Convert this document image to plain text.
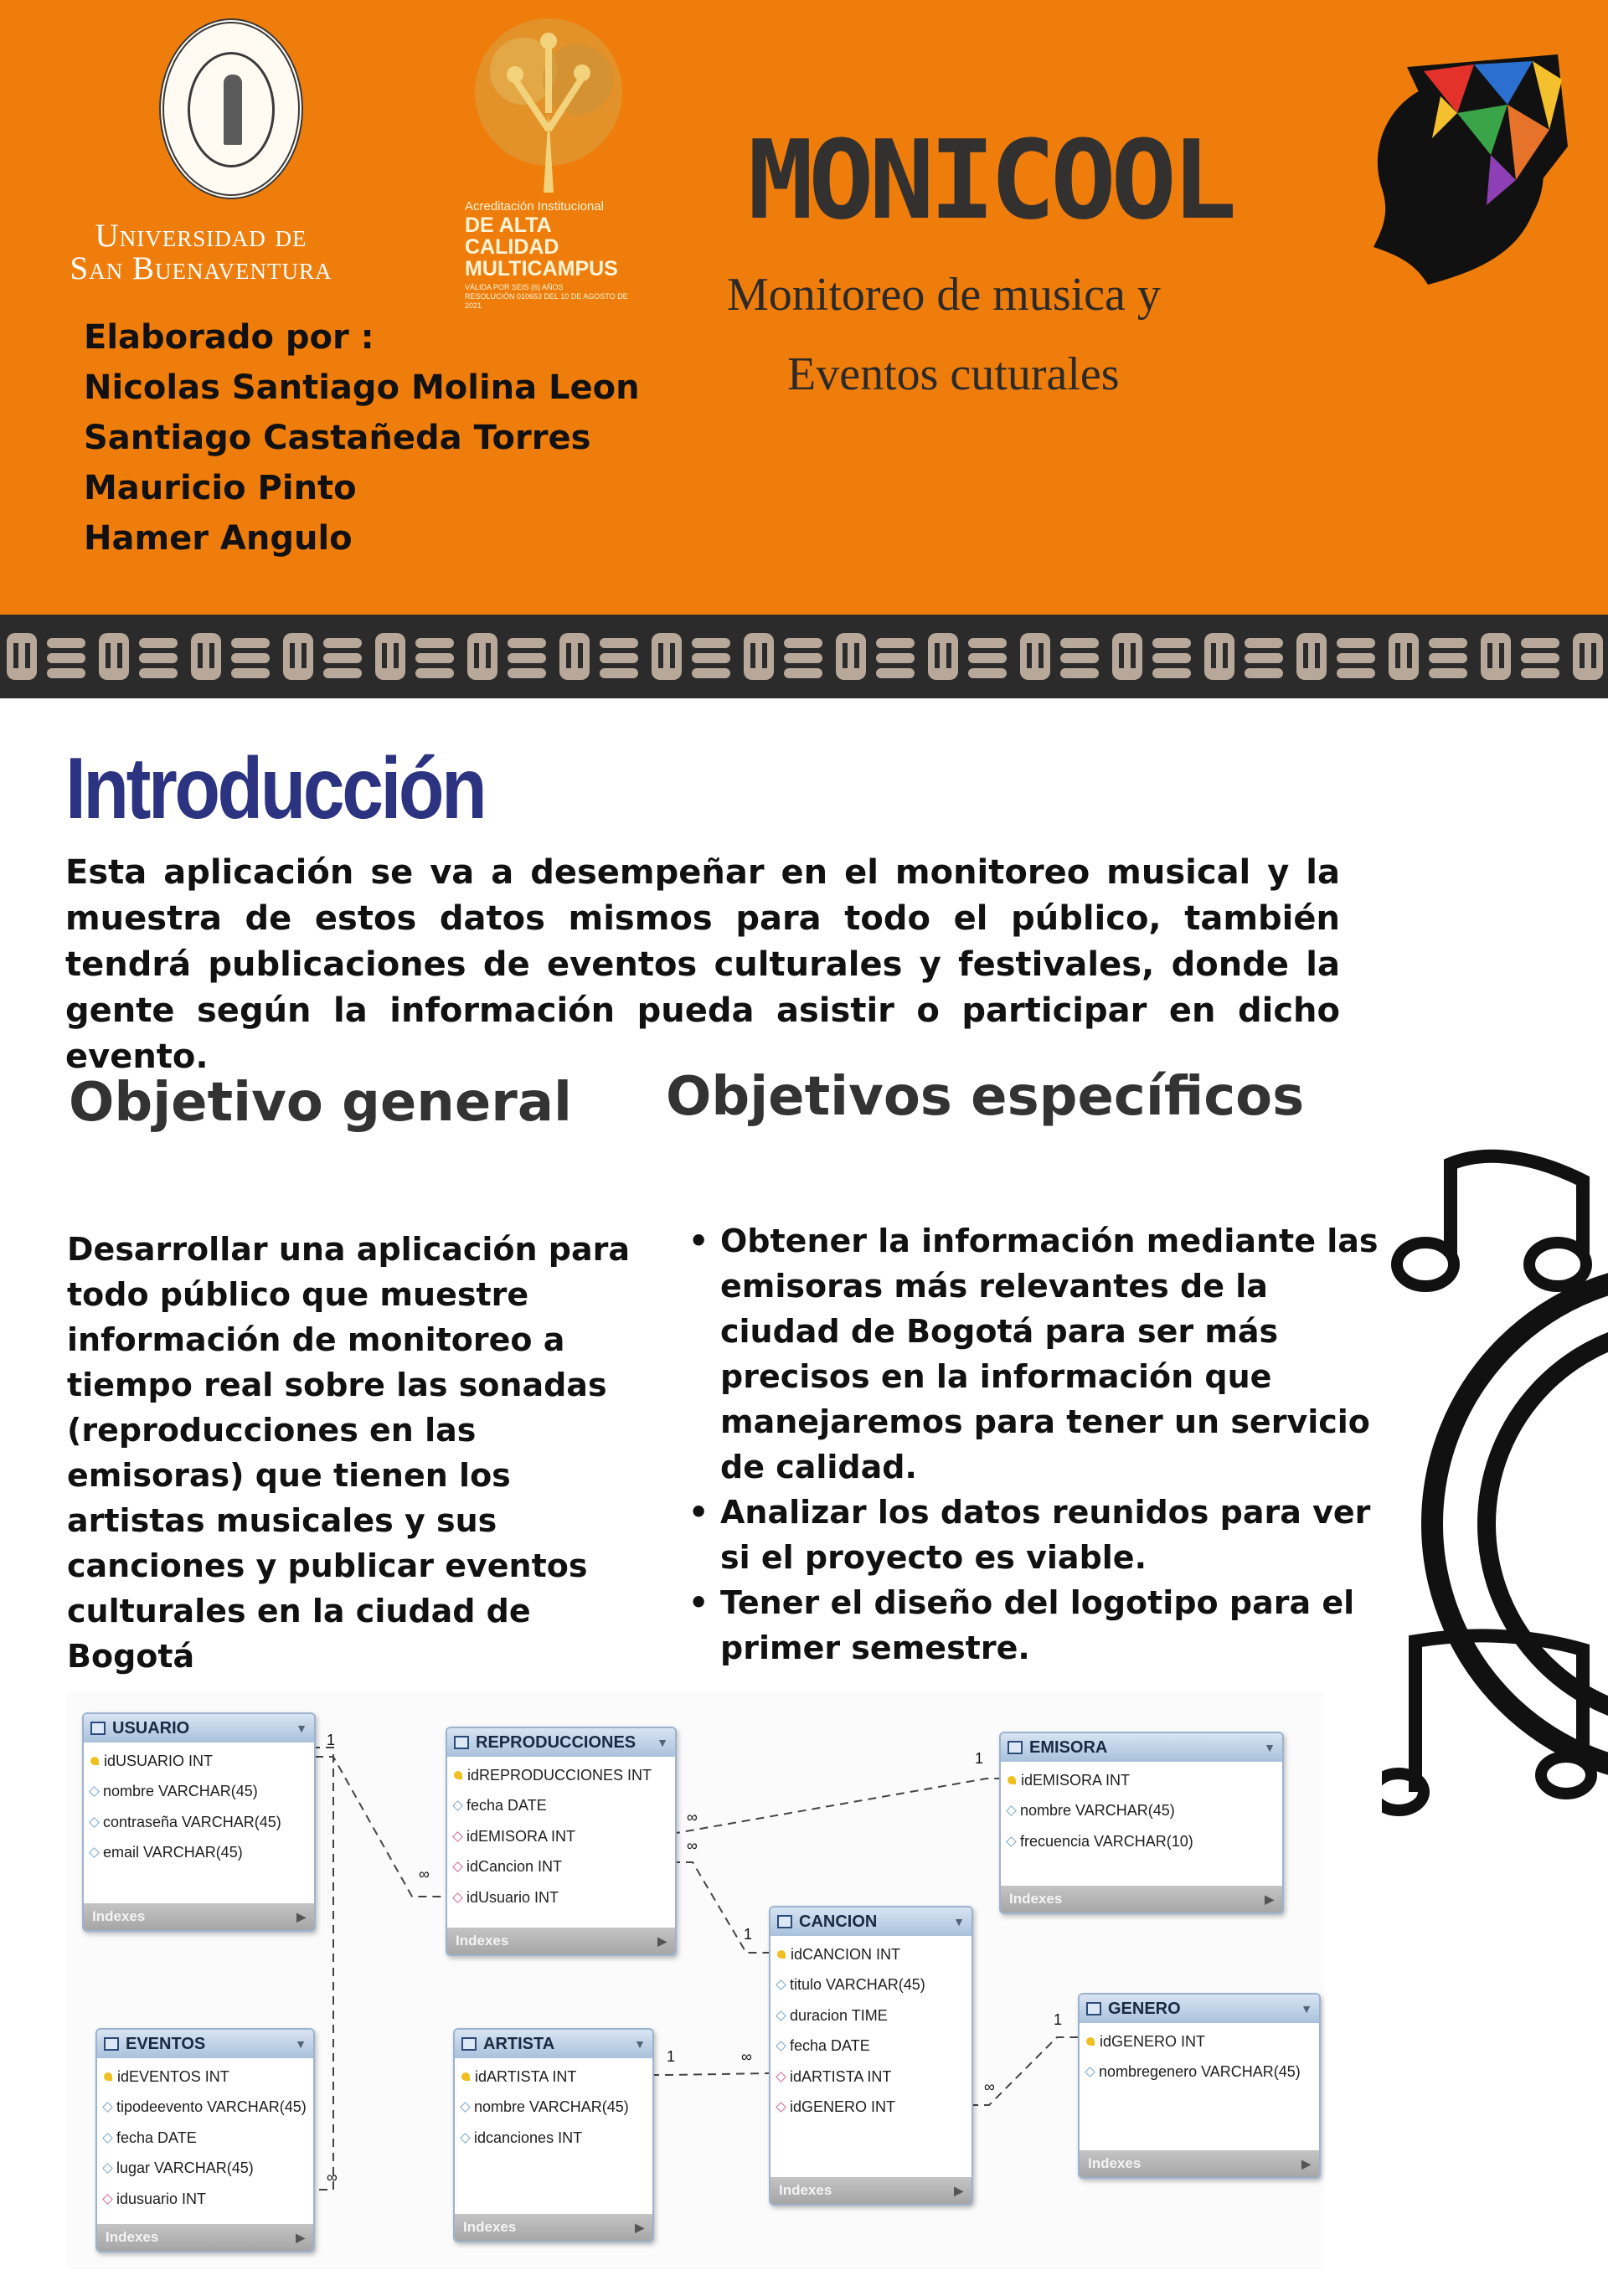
Universidad de
San Buenaventura
Acreditación Institucional
DE ALTA CALIDAD
MULTICAMPUS
VÁLIDA POR SEIS (6) AÑOS
RESOLUCIÓN 010653 DEL 10 DE AGOSTO DE 2021
Elaborado por :
Nicolas Santiago Molina Leon
Santiago Castañeda Torres
Mauricio Pinto
Hamer Angulo
MONICOOL
Monitoreo de musica y
Eventos cuturales
Introducción
Esta aplicación se va a desempeñar en el monitoreo musical y la muestra de estos datos mismos para todo el público, también tendrá publicaciones de eventos culturales y festivales, donde la gente según la información pueda asistir o participar en dicho evento.
Objetivo general Objetivos específicos
Desarrollar una aplicación para todo público que muestre información de monitoreo a tiempo real sobre las sonadas (reproducciones en las emisoras) que tienen los artistas musicales y sus canciones y publicar eventos culturales en la ciudad de Bogotá
• Obtener la información mediante las emisoras más relevantes de la ciudad de Bogotá para ser más precisos en la información que manejaremos para tener un servicio de calidad.
• Analizar los datos reunidos para ver si el proyecto es viable.
• Tener el diseño del logotipo para el primer semestre.
1
∞
∞
∞
1
∞
1
1	∞
∞
1
USUARIO	▼
idUSUARIO INT
nombre VARCHAR(45)
contraseña VARCHAR(45)
email VARCHAR(45)
Indexes	▶
REPRODUCCIONES ▼
idREPRODUCCIONES INT
fecha DATE
idEMISORA INT
idCancion INT
idUsuario INT
Indexes	▶
EMISORA	▼
idEMISORA INT
nombre VARCHAR(45)
frecuencia VARCHAR(10)
Indexes	▶
CANCION	▼
idCANCION INT
titulo VARCHAR(45)
duracion TIME
fecha DATE
idARTISTA INT
idGENERO INT
Indexes	▶
GENERO	▼
idGENERO INT
nombregenero VARCHAR(45)
Indexes	▶
EVENTOS	▼
idEVENTOS INT
tipodeevento VARCHAR(45)
fecha DATE
lugar VARCHAR(45)
idusuario INT
Indexes	▶
ARTISTA	▼
idARTISTA INT
nombre VARCHAR(45)
idcanciones INT
Indexes	▶
